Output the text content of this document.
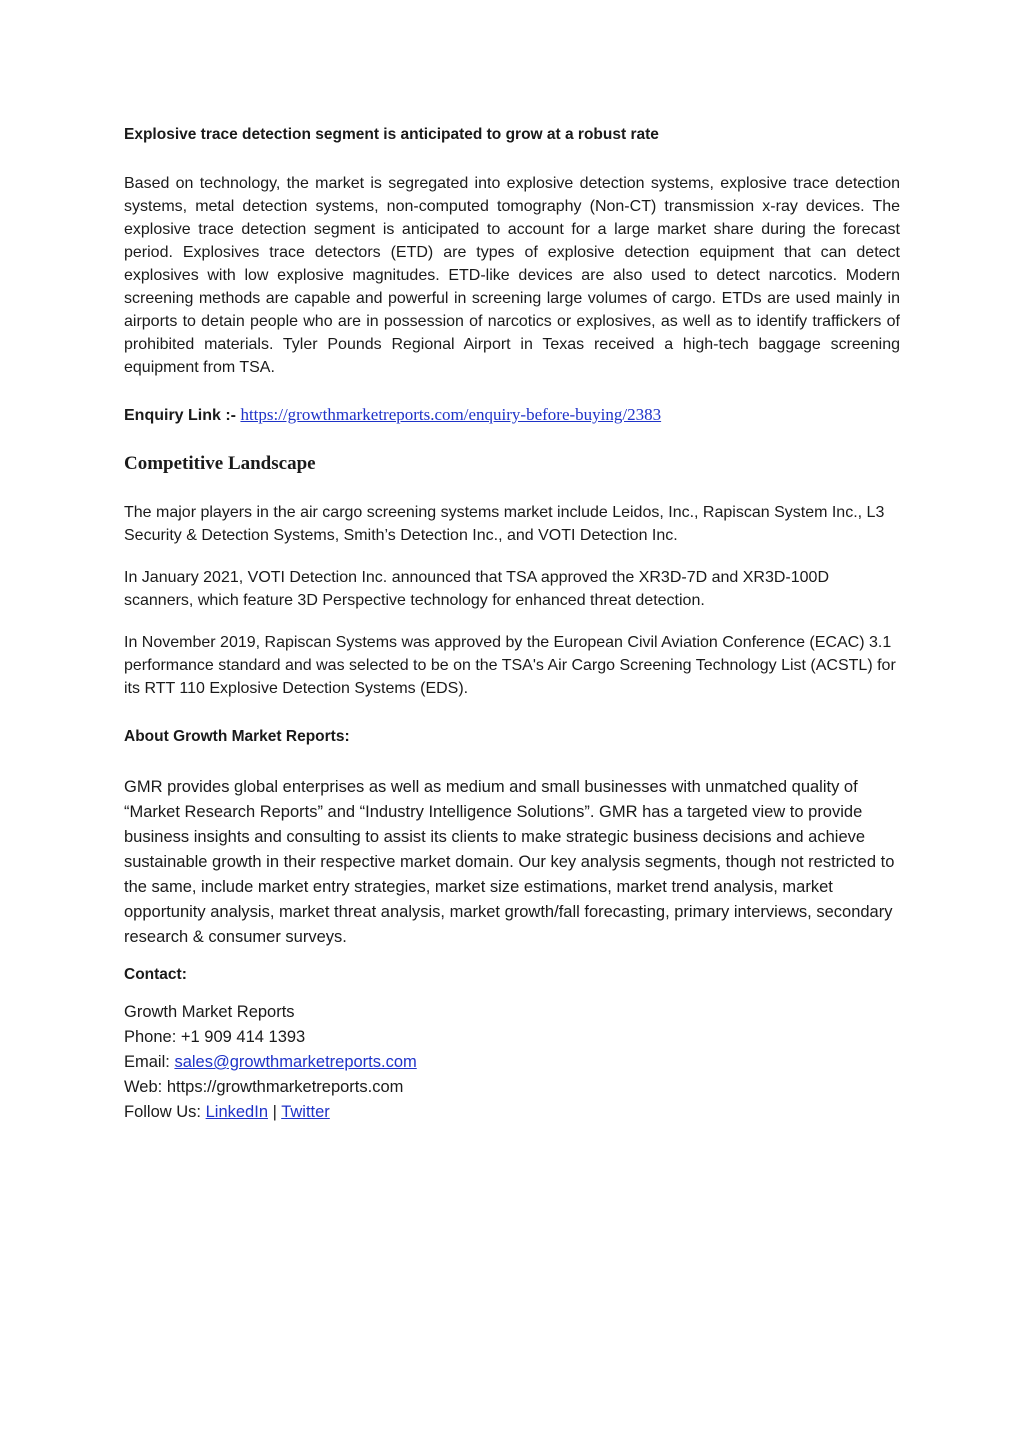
Explosive trace detection segment is anticipated to grow at a robust rate

Based on technology, the market is segregated into explosive detection systems, explosive trace detection systems, metal detection systems, non-computed tomography (Non-CT) transmission x-ray devices. The explosive trace detection segment is anticipated to account for a large market share during the forecast period. Explosives trace detectors (ETD) are types of explosive detection equipment that can detect explosives with low explosive magnitudes. ETD-like devices are also used to detect narcotics. Modern screening methods are capable and powerful in screening large volumes of cargo. ETDs are used mainly in airports to detain people who are in possession of narcotics or explosives, as well as to identify traffickers of prohibited materials. Tyler Pounds Regional Airport in Texas received a high-tech baggage screening equipment from TSA.

Enquiry Link :- https://growthmarketreports.com/enquiry-before-buying/2383

Competitive Landscape

The major players in the air cargo screening systems market include Leidos, Inc., Rapiscan System Inc., L3 Security & Detection Systems, Smith’s Detection Inc., and VOTI Detection Inc.

In January 2021, VOTI Detection Inc. announced that TSA approved the XR3D-7D and XR3D-100D scanners, which feature 3D Perspective technology for enhanced threat detection.

In November 2019, Rapiscan Systems was approved by the European Civil Aviation Conference (ECAC) 3.1 performance standard and was selected to be on the TSA's Air Cargo Screening Technology List (ACSTL) for its RTT 110 Explosive Detection Systems (EDS).

About Growth Market Reports:

GMR provides global enterprises as well as medium and small businesses with unmatched quality of “Market Research Reports” and “Industry Intelligence Solutions”. GMR has a targeted view to provide business insights and consulting to assist its clients to make strategic business decisions and achieve sustainable growth in their respective market domain. Our key analysis segments, though not restricted to the same, include market entry strategies, market size estimations, market trend analysis, market opportunity analysis, market threat analysis, market growth/fall forecasting, primary interviews, secondary research & consumer surveys.

Contact:

Growth Market Reports

Phone: +1 909 414 1393

Email: sales@growthmarketreports.com

Web: https://growthmarketreports.com

Follow Us: LinkedIn | Twitter
